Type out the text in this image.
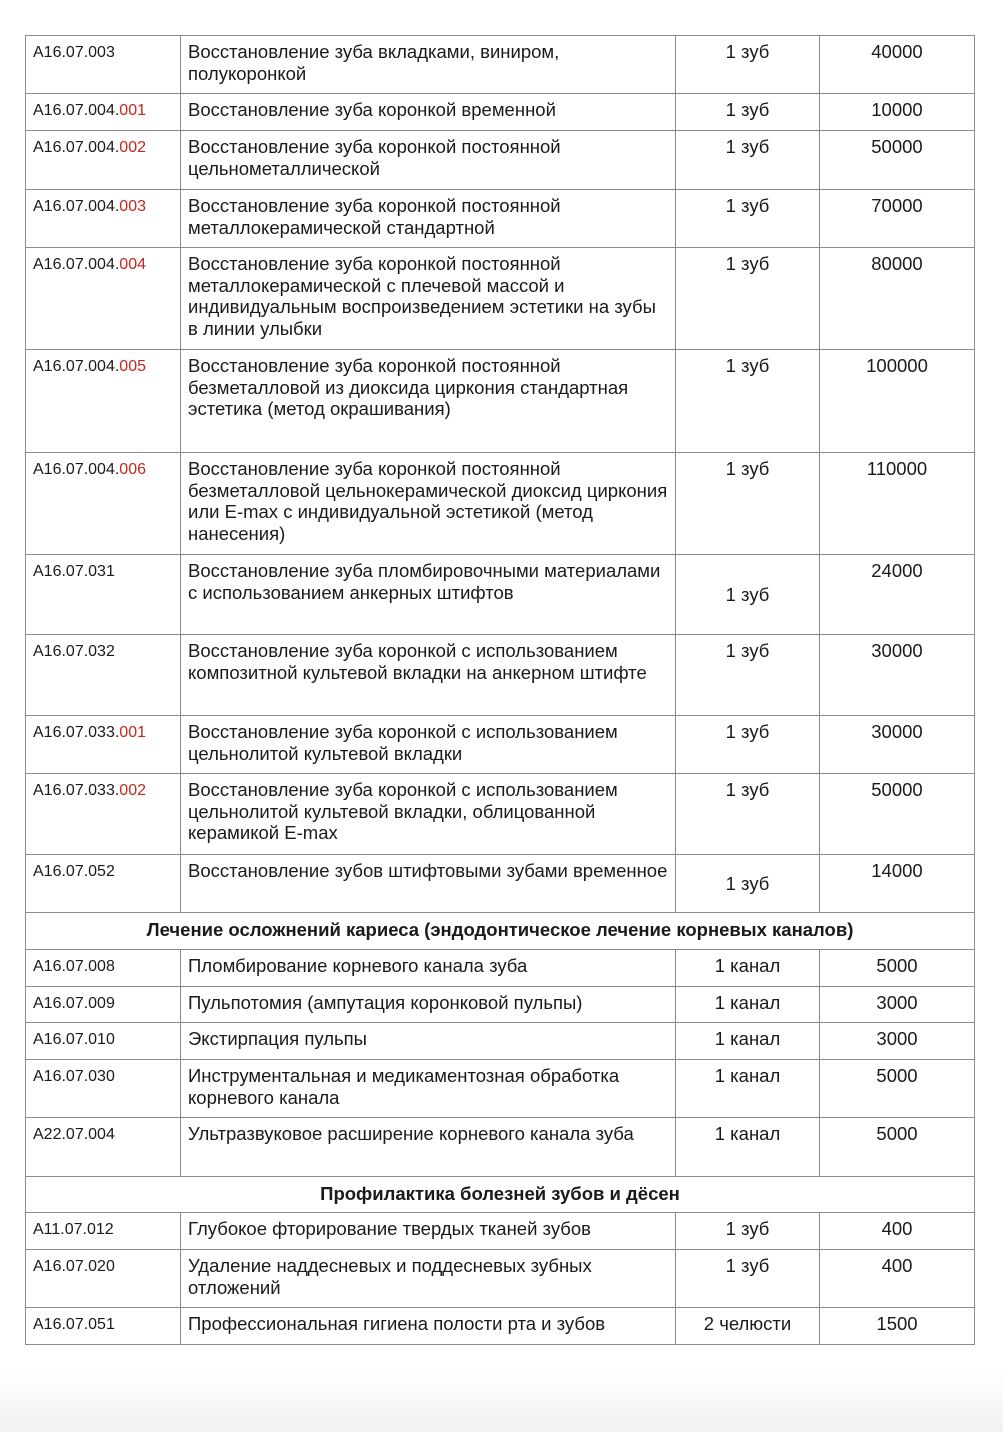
A16.07.003	Восстановление зуба вкладками, виниром, полукоронкой	1 зуб	40000
A16.07.004.001	Восстановление зуба коронкой временной	1 зуб	10000
A16.07.004.002	Восстановление зуба коронкой постоянной цельнометаллической	1 зуб	50000
A16.07.004.003	Восстановление зуба коронкой постоянной металлокерамической стандартной	1 зуб	70000
A16.07.004.004	Восстановление зуба коронкой постоянной металлокерамической с плечевой массой и индивидуальным воспроизведением эстетики на зубы в линии улыбки	1 зуб	80000
A16.07.004.005	Восстановление зуба коронкой постоянной безметалловой из диоксида циркония стандартная эстетика (метод окрашивания)	1 зуб	100000
A16.07.004.006	Восстановление зуба коронкой постоянной безметалловой цельнокерамической диоксид циркония или E-max с индивидуальной эстетикой (метод нанесения)	1 зуб	110000
A16.07.031	Восстановление зуба пломбировочными материалами с использованием анкерных штифтов	1 зуб	24000
A16.07.032	Восстановление зуба коронкой с использованием композитной культевой вкладки на анкерном штифте	1 зуб	30000
A16.07.033.001	Восстановление зуба коронкой с использованием цельнолитой культевой вкладки	1 зуб	30000
A16.07.033.002	Восстановление зуба коронкой с использованием цельнолитой культевой вкладки, облицованной керамикой E-max	1 зуб	50000
A16.07.052	Восстановление зубов штифтовыми зубами временное	1 зуб	14000
Лечение осложнений кариеса (эндодонтическое лечение корневых каналов)			
A16.07.008	Пломбирование корневого канала зуба	1 канал	5000
A16.07.009	Пульпотомия (ампутация коронковой пульпы)	1 канал	3000
A16.07.010	Экстирпация пульпы	1 канал	3000
A16.07.030	Инструментальная и медикаментозная обработка корневого канала	1 канал	5000
A22.07.004	Ультразвуковое расширение корневого канала зуба	1 канал	5000
Профилактика болезней зубов и дёсен			
A11.07.012	Глубокое фторирование твердых тканей зубов	1 зуб	400
A16.07.020	Удаление наддесневых и поддесневых зубных отложений	1 зуб	400
A16.07.051	Профессиональная гигиена полости рта и зубов	2 челюсти	1500
